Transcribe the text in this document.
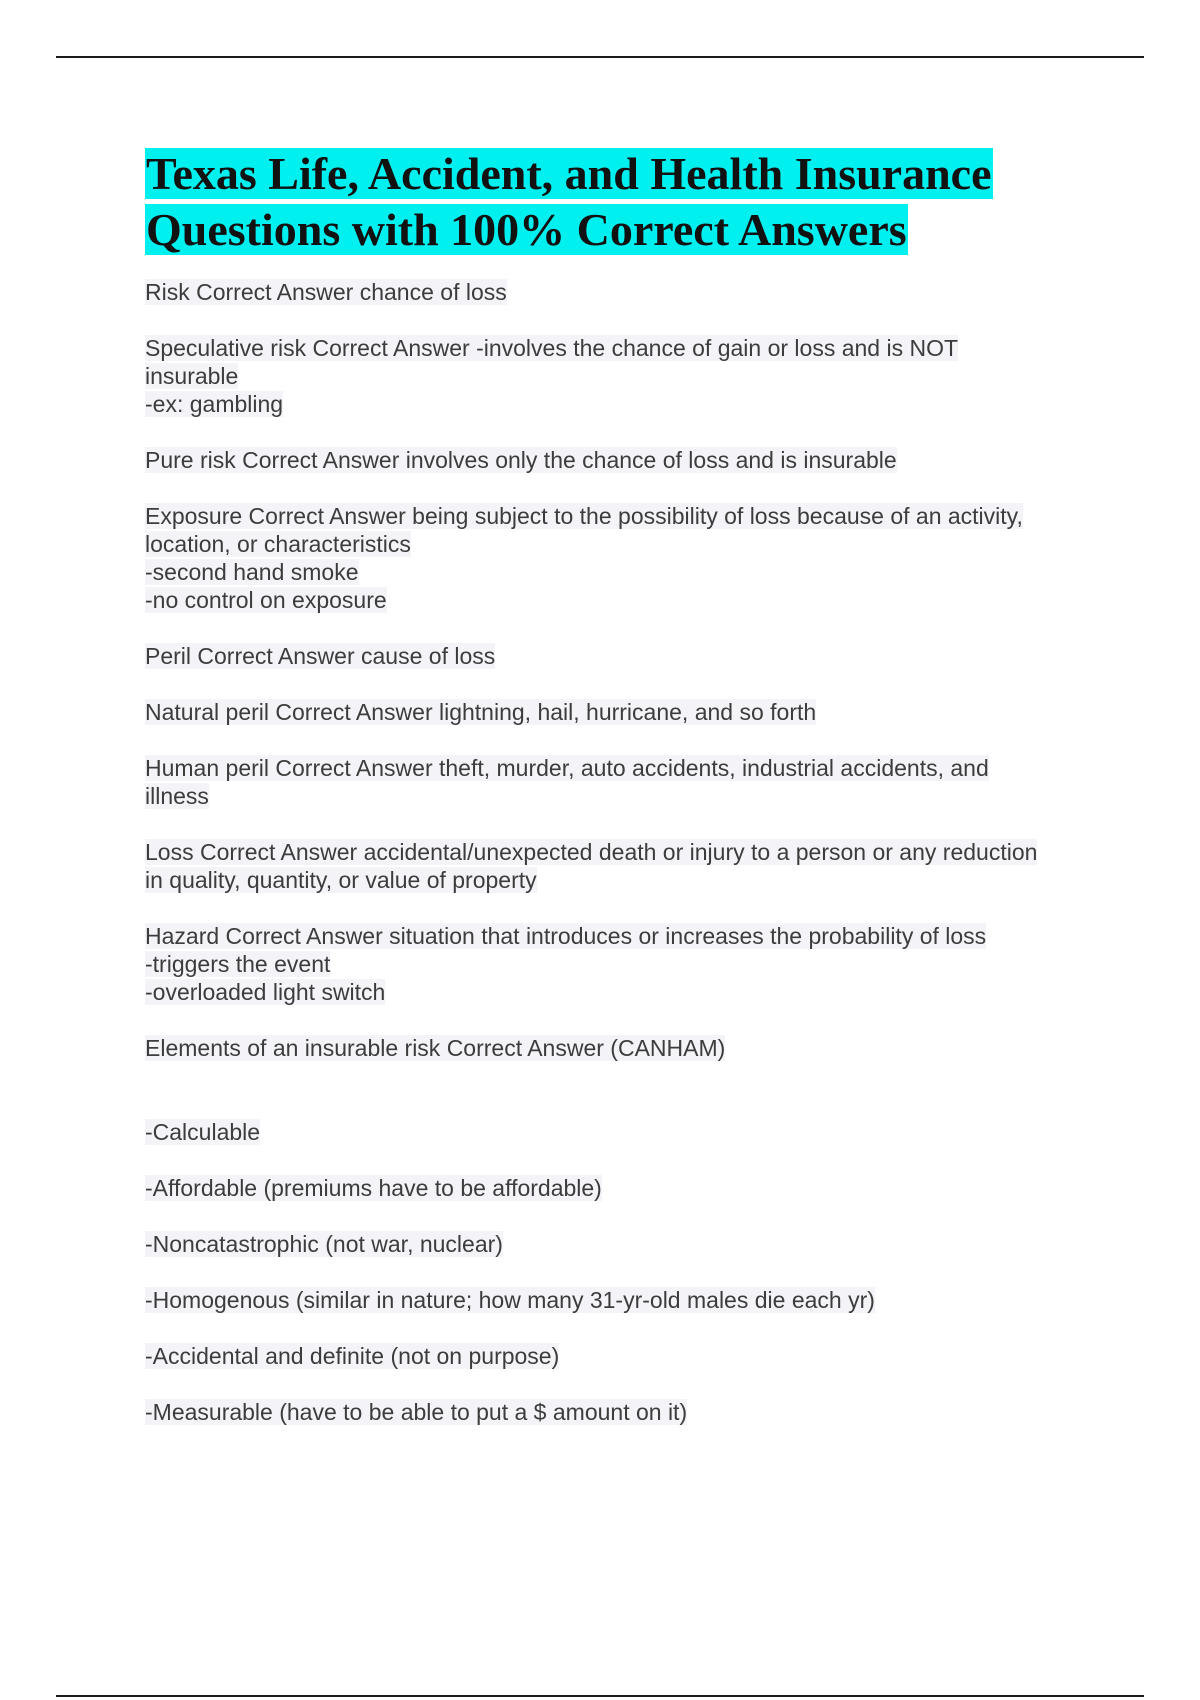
Texas Life, Accident, and Health Insurance
Questions with 100% Correct Answers
Risk Correct Answer chance of loss
Speculative risk Correct Answer -involves the chance of gain or loss and is NOT
insurable
-ex: gambling
Pure risk Correct Answer involves only the chance of loss and is insurable
Exposure Correct Answer being subject to the possibility of loss because of an activity,
location, or characteristics
-second hand smoke
-no control on exposure
Peril Correct Answer cause of loss
Natural peril Correct Answer lightning, hail, hurricane, and so forth
Human peril Correct Answer theft, murder, auto accidents, industrial accidents, and
illness
Loss Correct Answer accidental/unexpected death or injury to a person or any reduction
in quality, quantity, or value of property
Hazard Correct Answer situation that introduces or increases the probability of loss
-triggers the event
-overloaded light switch
Elements of an insurable risk Correct Answer (CANHAM)
-Calculable
-Affordable (premiums have to be affordable)
-Noncatastrophic (not war, nuclear)
-Homogenous (similar in nature; how many 31-yr-old males die each yr)
-Accidental and definite (not on purpose)
-Measurable (have to be able to put a $ amount on it)
